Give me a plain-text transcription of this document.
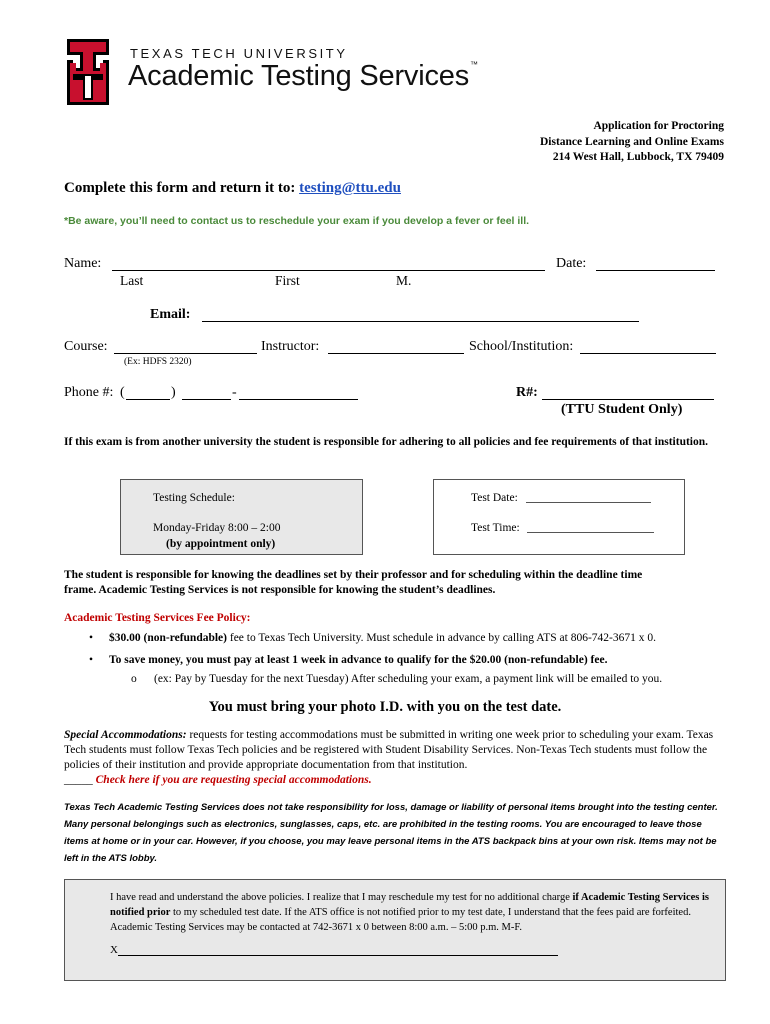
TEXAS TECH UNIVERSITY
Academic Testing Services™
Application for Proctoring
Distance Learning and Online Exams
214 West Hall, Lubbock, TX 79409
Complete this form and return it to: testing@ttu.edu
*Be aware, you’ll need to contact us to reschedule your exam if you develop a fever or feel ill.
Name:	Date:
Last	First	M.
Email:
Course:	Instructor:	School/Institution:
(Ex: HDFS 2320)
Phone #: (	)	-	R#:
(TTU Student Only)
If this exam is from another university the student is responsible for adhering to all policies and fee requirements of that institution.
Testing Schedule:
Monday-Friday 8:00 – 2:00
(by appointment only)
Test Date:
Test Time:
The student is responsible for knowing the deadlines set by their professor and for scheduling within the deadline time
frame. Academic Testing Services is not responsible for knowing the student’s deadlines.
Academic Testing Services Fee Policy:
• $30.00 (non-refundable) fee to Texas Tech University. Must schedule in advance by calling ATS at 806-742-3671 x 0.
• To save money, you must pay at least 1 week in advance to qualify for the $20.00 (non-refundable) fee.
o (ex: Pay by Tuesday for the next Tuesday) After scheduling your exam, a payment link will be emailed to you.
You must bring your photo I.D. with you on the test date.
Special Accommodations: requests for testing accommodations must be submitted in writing one week prior to scheduling your exam. Texas Tech students must follow Texas Tech policies and be registered with Student Disability Services. Non-Texas Tech students must follow the policies of their institution and provide appropriate documentation from that institution.
_____ Check here if you are requesting special accommodations.
Texas Tech Academic Testing Services does not take responsibility for loss, damage or liability of personal items brought into the testing center. Many personal belongings such as electronics, sunglasses, caps, etc. are prohibited in the testing rooms. You are encouraged to leave those items at home or in your car. However, if you choose, you may leave personal items in the ATS backpack bins at your own risk. Items may not be left in the ATS lobby.
I have read and understand the above policies. I realize that I may reschedule my test for no additional charge if Academic Testing Services is notified prior to my scheduled test date. If the ATS office is not notified prior to my test date, I understand that the fees paid are forfeited. Academic Testing Services may be contacted at 742-3671 x 0 between 8:00 a.m. – 5:00 p.m. M-F.
X
